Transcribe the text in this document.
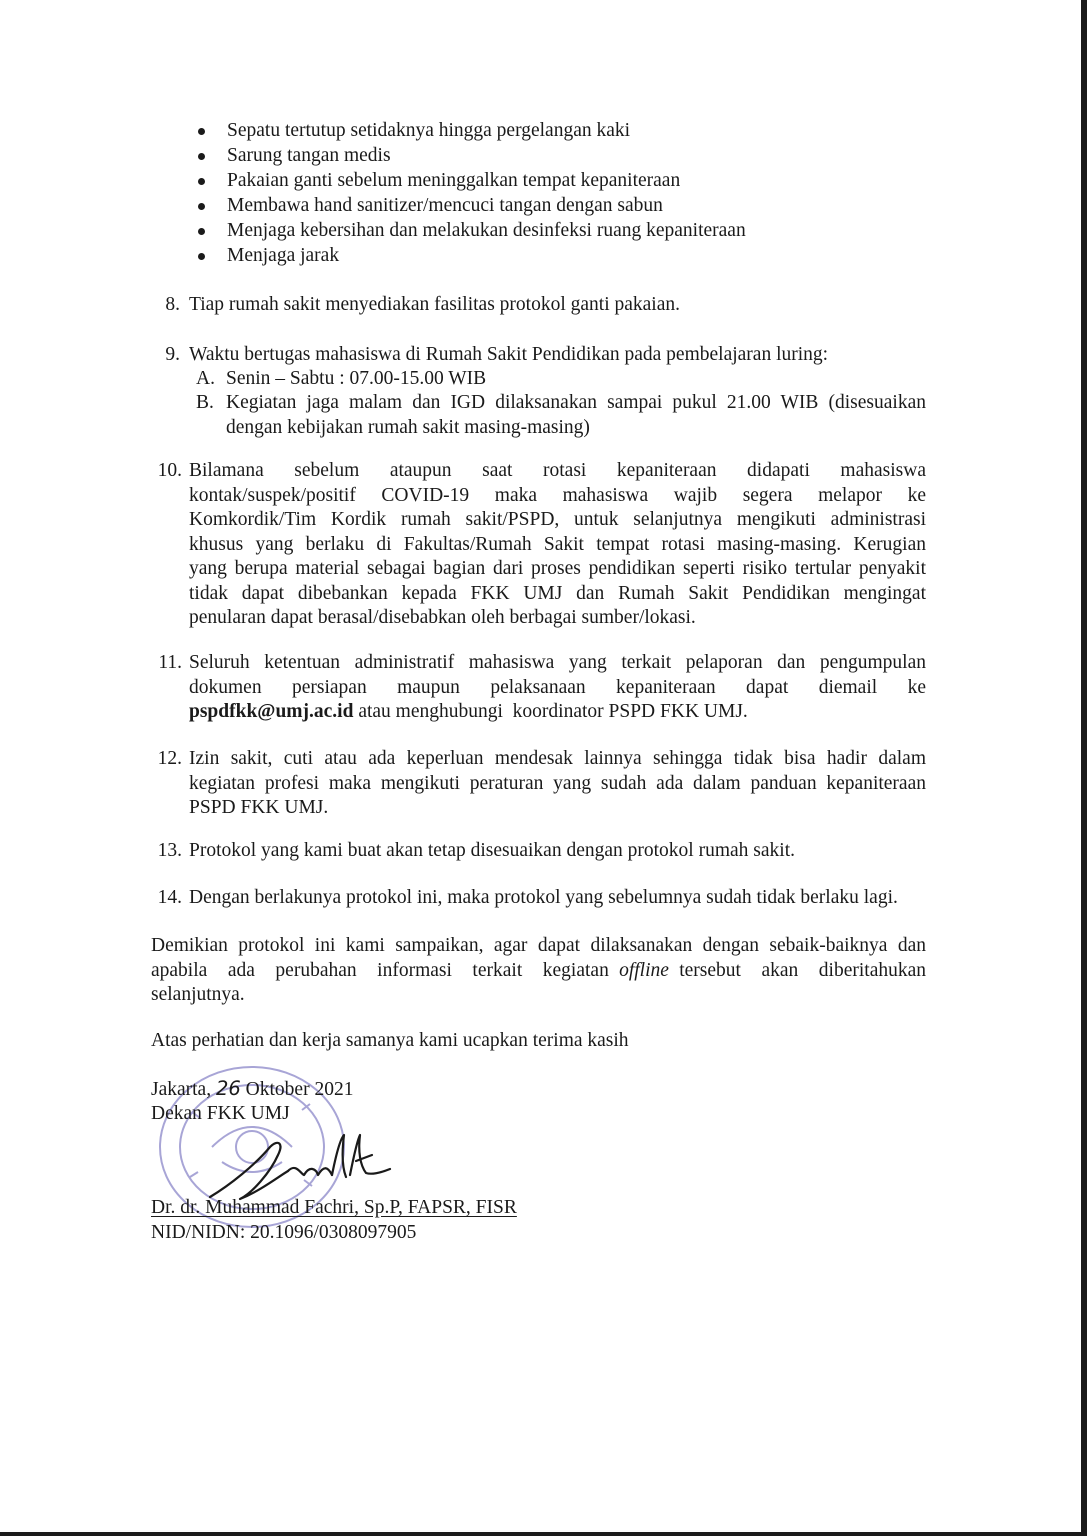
Sepatu tertutup setidaknya hingga pergelangan kaki
Sarung tangan medis
Pakaian ganti sebelum meninggalkan tempat kepaniteraan
Membawa hand sanitizer/mencuci tangan dengan sabun
Menjaga kebersihan dan melakukan desinfeksi ruang kepaniteraan
Menjaga jarak
8. Tiap rumah sakit menyediakan fasilitas protokol ganti pakaian.
9. Waktu bertugas mahasiswa di Rumah Sakit Pendidikan pada pembelajaran luring:
A. Senin – Sabtu : 07.00-15.00 WIB
B. Kegiatan jaga malam dan IGD dilaksanakan sampai pukul 21.00 WIB (disesuaikan
dengan kebijakan rumah sakit masing-masing)
10. Bilamana sebelum ataupun saat rotasi kepaniteraan didapati mahasiswa
kontak/suspek/positif COVID-19 maka mahasiswa wajib segera melapor ke
Komkordik/Tim Kordik rumah sakit/PSPD, untuk selanjutnya mengikuti administrasi
khusus yang berlaku di Fakultas/Rumah Sakit tempat rotasi masing-masing. Kerugian
yang berupa material sebagai bagian dari proses pendidikan seperti risiko tertular penyakit
tidak dapat dibebankan kepada FKK UMJ dan Rumah Sakit Pendidikan mengingat
penularan dapat berasal/disebabkan oleh berbagai sumber/lokasi.
11. Seluruh ketentuan administratif mahasiswa yang terkait pelaporan dan pengumpulan
dokumen persiapan maupun pelaksanaan kepaniteraan dapat diemail ke
pspdfkk@umj.ac.id atau menghubungi  koordinator PSPD FKK UMJ.
12. Izin sakit, cuti atau ada keperluan mendesak lainnya sehingga tidak bisa hadir dalam
kegiatan profesi maka mengikuti peraturan yang sudah ada dalam panduan kepaniteraan
PSPD FKK UMJ.
13. Protokol yang kami buat akan tetap disesuaikan dengan protokol rumah sakit.
14. Dengan berlakunya protokol ini, maka protokol yang sebelumnya sudah tidak berlaku lagi.
Demikian protokol ini kami sampaikan, agar dapat dilaksanakan dengan sebaik-baiknya dan
apabila  ada  perubahan  informasi  terkait  kegiatan offline tersebut  akan  diberitahukan
selanjutnya.
Atas perhatian dan kerja samanya kami ucapkan terima kasih
Jakarta, 26 Oktober 2021
Dekan FKK UMJ
Dr. dr. Muhammad Fachri, Sp.P, FAPSR, FISR
NID/NIDN: 20.1096/0308097905
